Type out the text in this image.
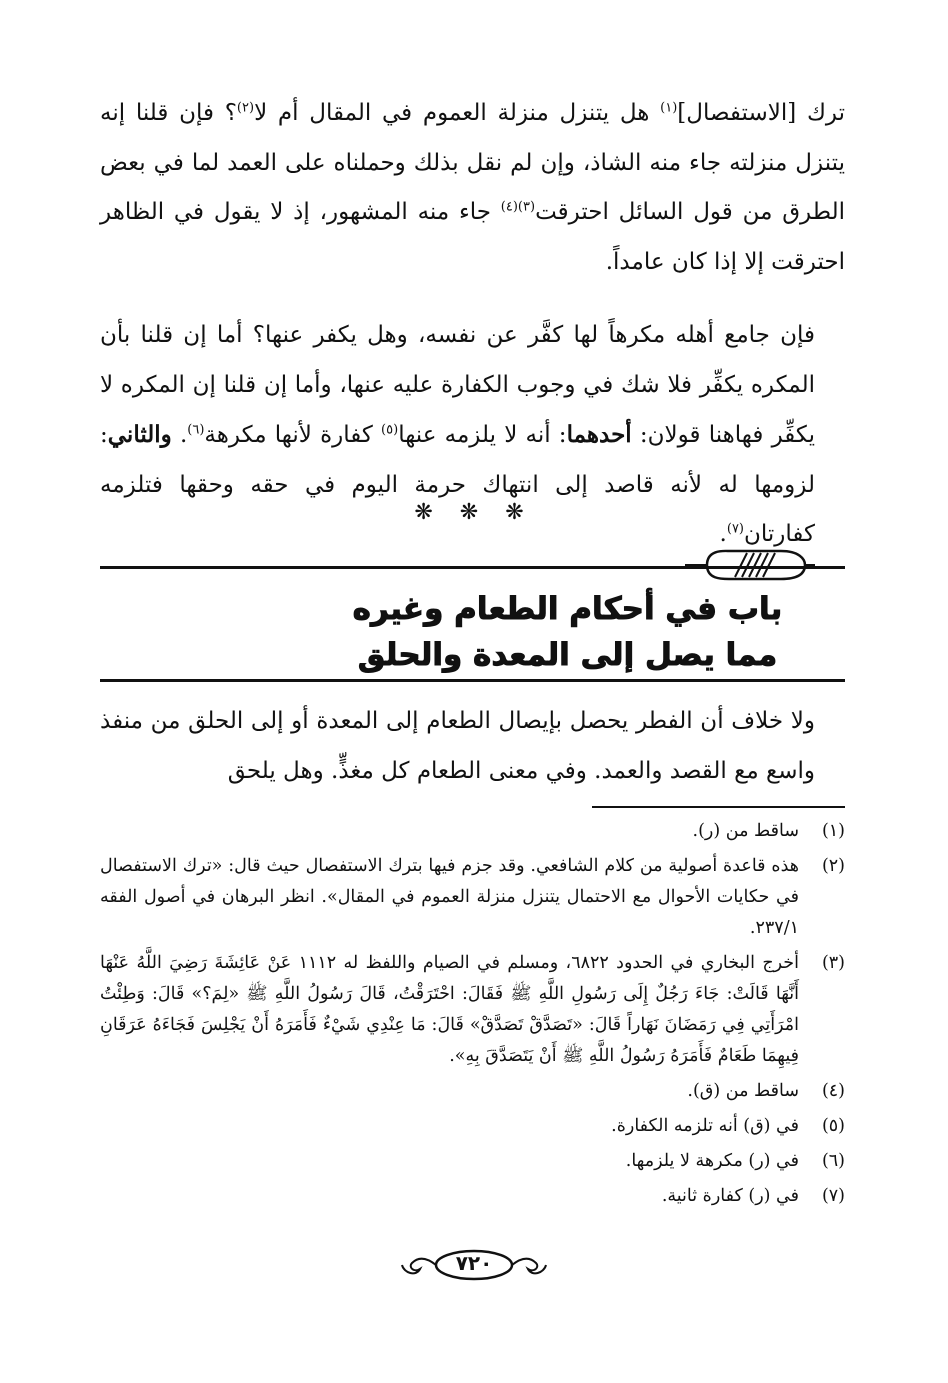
ترك [الاستفصال]$^{(١)}$ هل يتنزل منزلة العموم في المقال أم لا$^{(٢)}$؟ فإن قلنا إنه يتنزل منزلته جاء منه الشاذ، وإن لم نقل بذلك وحملناه على العمد لما في بعض الطرق من قول السائل احترقت$^{(٣)(٤)}$ جاء منه المشهور، إذ لا يقول في الظاهر احترقت إلا إذا كان عامداً.

فإن جامع أهله مكرهاً لها كفَّر عن نفسه، وهل يكفر عنها؟ أما إن قلنا بأن المكره يكفِّر فلا شك في وجوب الكفارة عليه عنها، وأما إن قلنا إن المكره لا يكفِّر فهاهنا قولان: أحدهما: أنه لا يلزمه عنها$^{(٥)}$ كفارة لأنها مكرهة$^{(٦)}$. والثاني: لزومها له لأنه قاصد إلى انتهاك حرمة اليوم في حقه وحقها فتلزمه كفارتان$^{(٧)}$.

❋ ❋ ❋
باب في أحكام الطعام وغيره
مما يصل إلى المعدة والحلق

ولا خلاف أن الفطر يحصل بإيصال الطعام إلى المعدة أو إلى الحلق من منفذ واسع مع القصد والعمد. وفي معنى الطعام كل مغذٍّ. وهل يلحق

(١)
ساقط من (ر).
(٢)
هذه قاعدة أصولية من كلام الشافعي. وقد جزم فيها بترك الاستفصال حيث قال: «ترك الاستفصال في حكايات الأحوال مع الاحتمال يتنزل منزلة العموم في المقال». انظر البرهان في أصول الفقه ٢٣٧/١.
(٣)
أخرج البخاري في الحدود ٦٨٢٢، ومسلم في الصيام واللفظ له ١١١٢ عَنْ عَائِشَةَ رَضِيَ اللَّهُ عَنْهَا أَنَّهَا قَالَتْ: جَاءَ رَجُلٌ إِلَى رَسُولِ اللَّهِ ﷺ فَقَالَ: احْتَرَقْتُ، قَالَ رَسُولُ اللَّهِ ﷺ «لِمَ؟» قَالَ: وَطِئْتُ امْرَأَتِي فِي رَمَضَانَ نَهَاراً قَالَ: «تَصَدَّقْ تَصَدَّقْ» قَالَ: مَا عِنْدِي شَيْءٌ فَأَمَرَهُ أَنْ يَجْلِسَ فَجَاءَهُ عَرَقَانِ فِيهِمَا طَعَامٌ فَأَمَرَهُ رَسُولُ اللَّهِ ﷺ أَنْ يَتَصَدَّقَ بِهِ».
(٤)
ساقط من (ق).
(٥)
في (ق) أنه تلزمه الكفارة.
(٦)
في (ر) مكرهة لا يلزمها.
(٧)
في (ر) كفارة ثانية.
٧٢٠
